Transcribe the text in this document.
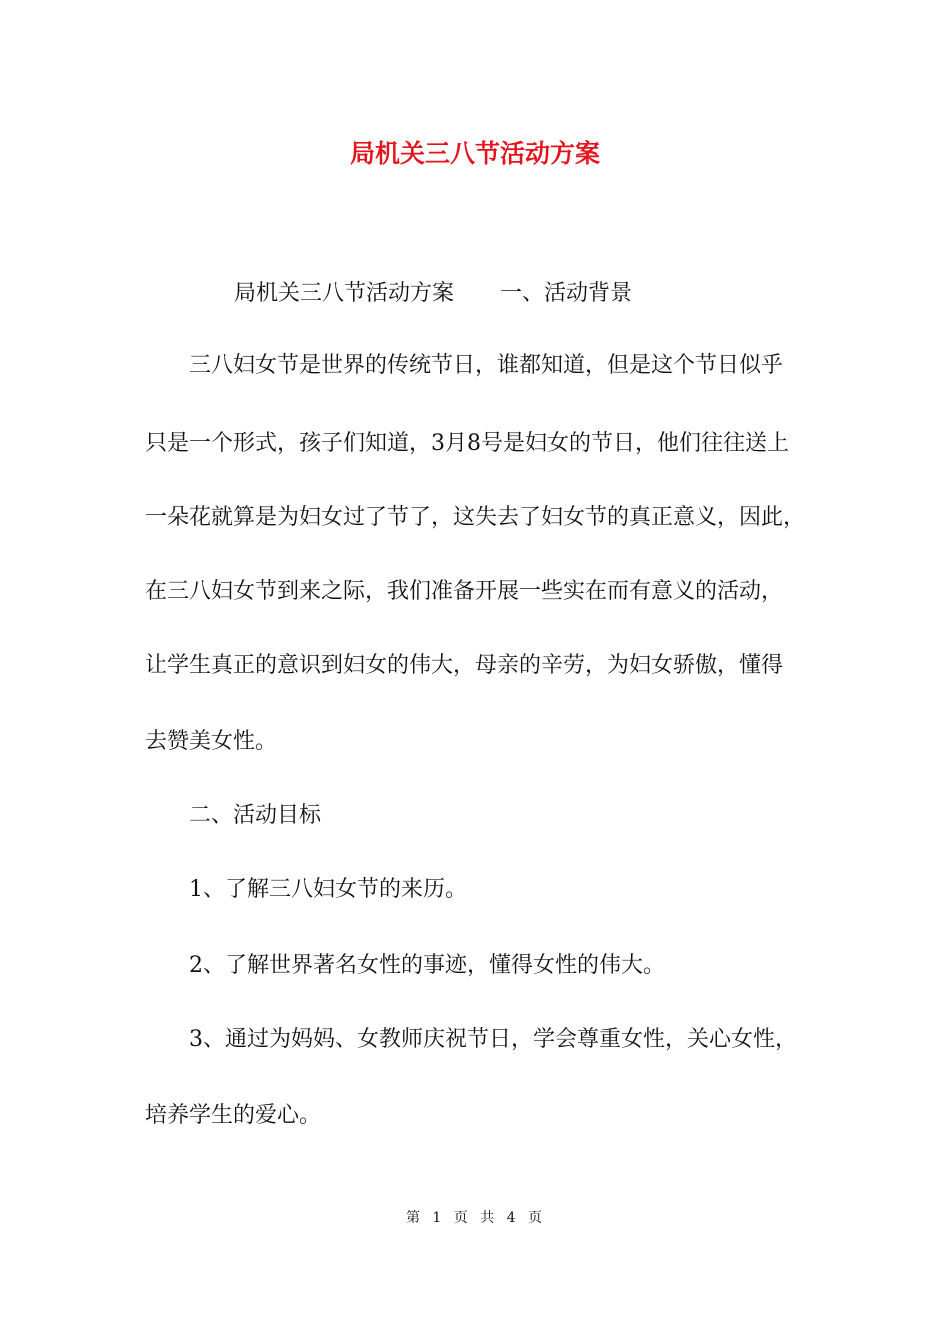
局机关三八节活动方案

局机关三八节活动方案 一、活动背景

三八妇女节是世界的传统节日，谁都知道，但是这个节日似乎

只是一个形式，孩子们知道，3月8号是妇女的节日，他们往往送上

一朵花就算是为妇女过了节了，这失去了妇女节的真正意义，因此，

在三八妇女节到来之际，我们准备开展一些实在而有意义的活动，

让学生真正的意识到妇女的伟大，母亲的辛劳，为妇女骄傲，懂得

去赞美女性。

二、活动目标

1、了解三八妇女节的来历。

2、了解世界著名女性的事迹，懂得女性的伟大。

3、通过为妈妈、女教师庆祝节日，学会尊重女性，关心女性，

培养学生的爱心。

第 1 页 共 4 页
